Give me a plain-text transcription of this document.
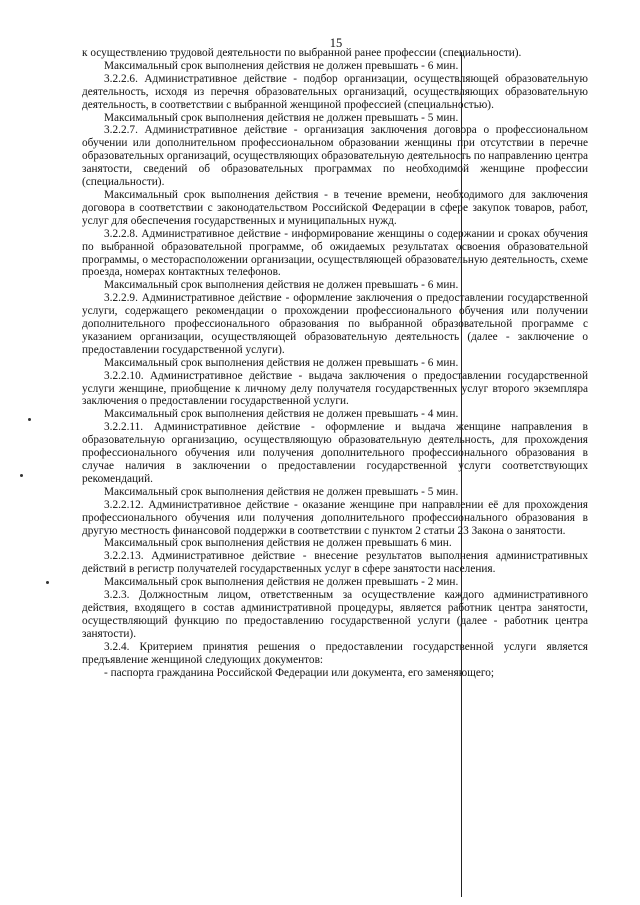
15

к осуществлению трудовой деятельности по выбранной ранее профессии (специальности).

Максимальный срок выполнения действия не должен превышать - 6 мин.

3.2.2.6. Административное действие - подбор организации, осуществляющей образовательную деятельность, исходя из перечня образовательных организаций, осуществляющих образовательную деятельность, в соответствии с выбранной женщиной профессией (специальностью).

Максимальный срок выполнения действия не должен превышать - 5 мин.

3.2.2.7. Административное действие - организация заключения договора о профессиональном обучении или дополнительном профессиональном образовании женщины при отсутствии в перечне образовательных организаций, осуществляющих образовательную деятельность по направлению центра занятости, сведений об образовательных программах по необходимой женщине профессии (специальности).

Максимальный срок выполнения действия - в течение времени, необходимого для заключения договора в соответствии с законодательством Российской Федерации в сфере закупок товаров, работ, услуг для обеспечения государственных и муниципальных нужд.

3.2.2.8. Административное действие - информирование женщины о содержании и сроках обучения по выбранной образовательной программе, об ожидаемых результатах освоения образовательной программы, о месторасположении организации, осуществляющей образовательную деятельность, схеме проезда, номерах контактных телефонов.

Максимальный срок выполнения действия не должен превышать - 6 мин.

3.2.2.9. Административное действие - оформление заключения о предоставлении государственной услуги, содержащего рекомендации о прохождении профессионального обучения или получении дополнительного профессионального образования по выбранной образовательной программе с указанием организации, осуществляющей образовательную деятельность (далее - заключение о предоставлении государственной услуги).

Максимальный срок выполнения действия не должен превышать - 6 мин.

3.2.2.10. Административное действие - выдача заключения о предоставлении государственной услуги женщине, приобщение к личному делу получателя государственных услуг второго экземпляра заключения о предоставлении государственной услуги.

Максимальный срок выполнения действия не должен превышать - 4 мин.

3.2.2.11. Административное действие - оформление и выдача женщине направления в образовательную организацию, осуществляющую образовательную деятельность, для прохождения профессионального обучения или получения дополнительного профессионального образования в случае наличия в заключении о предоставлении государственной услуги соответствующих рекомендаций.

Максимальный срок выполнения действия не должен превышать - 5 мин.

3.2.2.12. Административное действие - оказание женщине при направлении её для прохождения профессионального обучения или получения дополнительного профессионального образования в другую местность финансовой поддержки в соответствии с пунктом 2 статьи 23 Закона о занятости.

Максимальный срок выполнения действия не должен превышать 6 мин.

3.2.2.13. Административное действие - внесение результатов выполнения административных действий в регистр получателей государственных услуг в сфере занятости населения.

Максимальный срок выполнения действия не должен превышать - 2 мин.

3.2.3. Должностным лицом, ответственным за осуществление каждого административного действия, входящего в состав административной процедуры, является работник центра занятости, осуществляющий функцию по предоставлению государственной услуги (далее - работник центра занятости).

3.2.4. Критерием принятия решения о предоставлении государственной услуги является предъявление женщиной следующих документов:

- паспорта гражданина Российской Федерации или документа, его заменяющего;
